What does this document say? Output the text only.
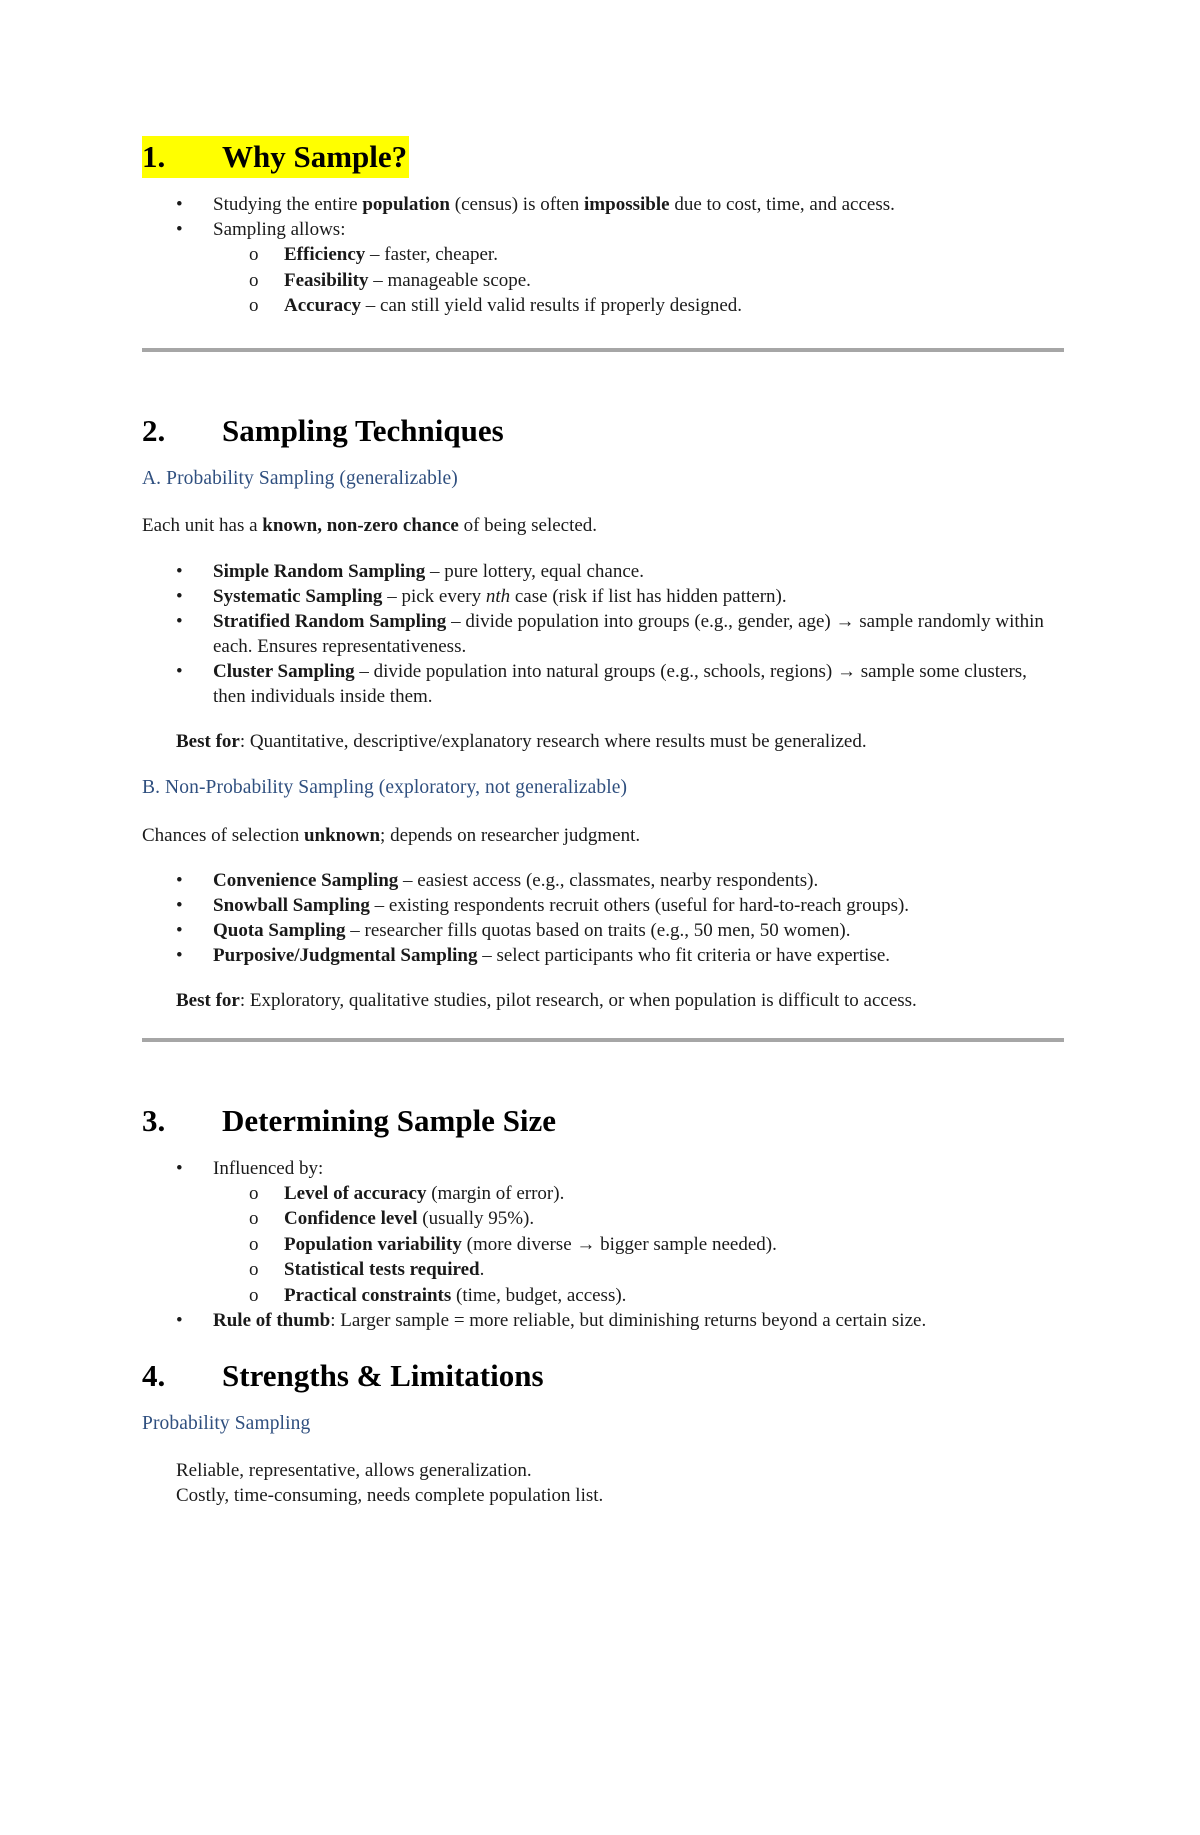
1.	Why Sample?
• Studying the entire population (census) is often impossible due to cost, time, and access.
• Sampling allows:
o Efficiency – faster, cheaper.
o Feasibility – manageable scope.
o Accuracy – can still yield valid results if properly designed.
2.	Sampling Techniques

A. Probability Sampling (generalizable)

Each unit has a known, non-zero chance of being selected.

• Simple Random Sampling – pure lottery, equal chance.
• Systematic Sampling – pick every nth case (risk if list has hidden pattern).
• Stratified Random Sampling – divide population into groups (e.g., gender, age) → sample randomly within each. Ensures representativeness.
• Cluster Sampling – divide population into natural groups (e.g., schools, regions) → sample some clusters, then individuals inside them.

Best for: Quantitative, descriptive/explanatory research where results must be generalized.

B. Non-Probability Sampling (exploratory, not generalizable)

Chances of selection unknown; depends on researcher judgment.

• Convenience Sampling – easiest access (e.g., classmates, nearby respondents).
• Snowball Sampling – existing respondents recruit others (useful for hard-to-reach groups).
• Quota Sampling – researcher fills quotas based on traits (e.g., 50 men, 50 women).
• Purposive/Judgmental Sampling – select participants who fit criteria or have expertise.

Best for: Exploratory, qualitative studies, pilot research, or when population is difficult to access.

3.	Determining Sample Size
• Influenced by:
o Level of accuracy (margin of error).
o Confidence level (usually 95%).
o Population variability (more diverse → bigger sample needed).
o Statistical tests required.
o Practical constraints (time, budget, access).
• Rule of thumb: Larger sample = more reliable, but diminishing returns beyond a certain size.
4.	Strengths & Limitations

Probability Sampling

Reliable, representative, allows generalization.

Costly, time-consuming, needs complete population list.
